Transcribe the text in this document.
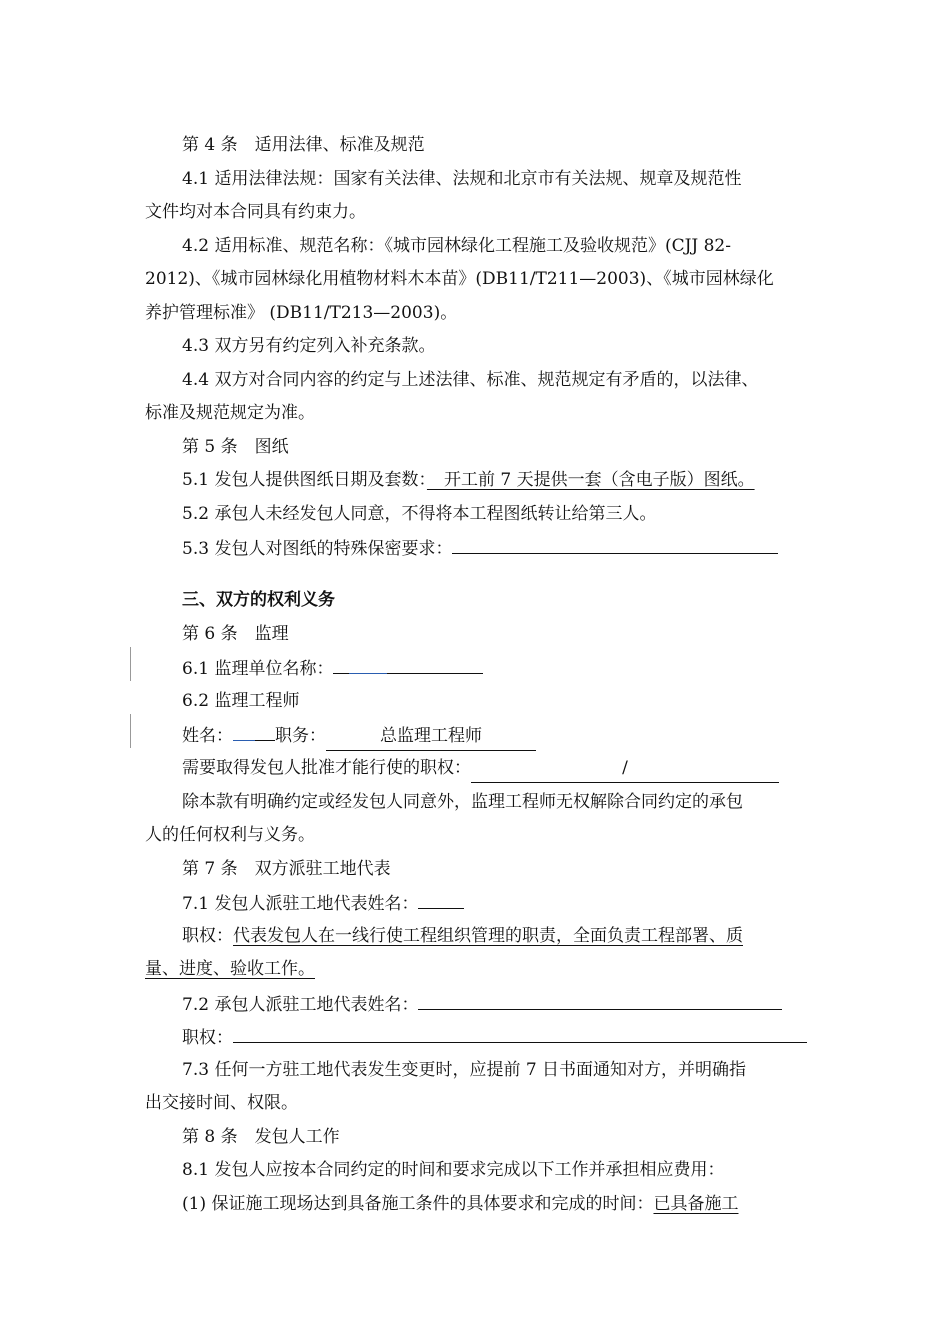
第 4 条　适用法律、标准及规范
4.1 适用法律法规：国家有关法律、法规和北京市有关法规、规章及规范性
文件均对本合同具有约束力。
4.2 适用标准、规范名称：《城市园林绿化工程施工及验收规范》(CJJ 82-
2012)、《城市园林绿化用植物材料木本苗》(DB11/T211—2003)、《城市园林绿化
养护管理标准》 (DB11/T213—2003)。
4.3 双方另有约定列入补充条款。
4.4 双方对合同内容的约定与上述法律、标准、规范规定有矛盾的，以法律、
标准及规范规定为准。
第 5 条　图纸
5.1 发包人提供图纸日期及套数：　开工前 7 天提供一套（含电子版）图纸。
5.2 承包人未经发包人同意，不得将本工程图纸转让给第三人。
5.3 发包人对图纸的特殊保密要求：
三、双方的权利义务
第 6 条　监理
6.1 监理单位名称：
6.2 监理工程师
姓名： 职务：	总监理工程师
需要取得发包人批准才能行使的职权：	/
除本款有明确约定或经发包人同意外，监理工程师无权解除合同约定的承包
人的任何权利与义务。
第 7 条　双方派驻工地代表
7.1 发包人派驻工地代表姓名：
职权：代表发包人在一线行使工程组织管理的职责，全面负责工程部署、质
量、进度、验收工作。
7.2 承包人派驻工地代表姓名：
职权：
7.3 任何一方驻工地代表发生变更时，应提前 7 日书面通知对方，并明确指
出交接时间、权限。
第 8 条　发包人工作
8.1 发包人应按本合同约定的时间和要求完成以下工作并承担相应费用：
(1) 保证施工现场达到具备施工条件的具体要求和完成的时间：已具备施工
